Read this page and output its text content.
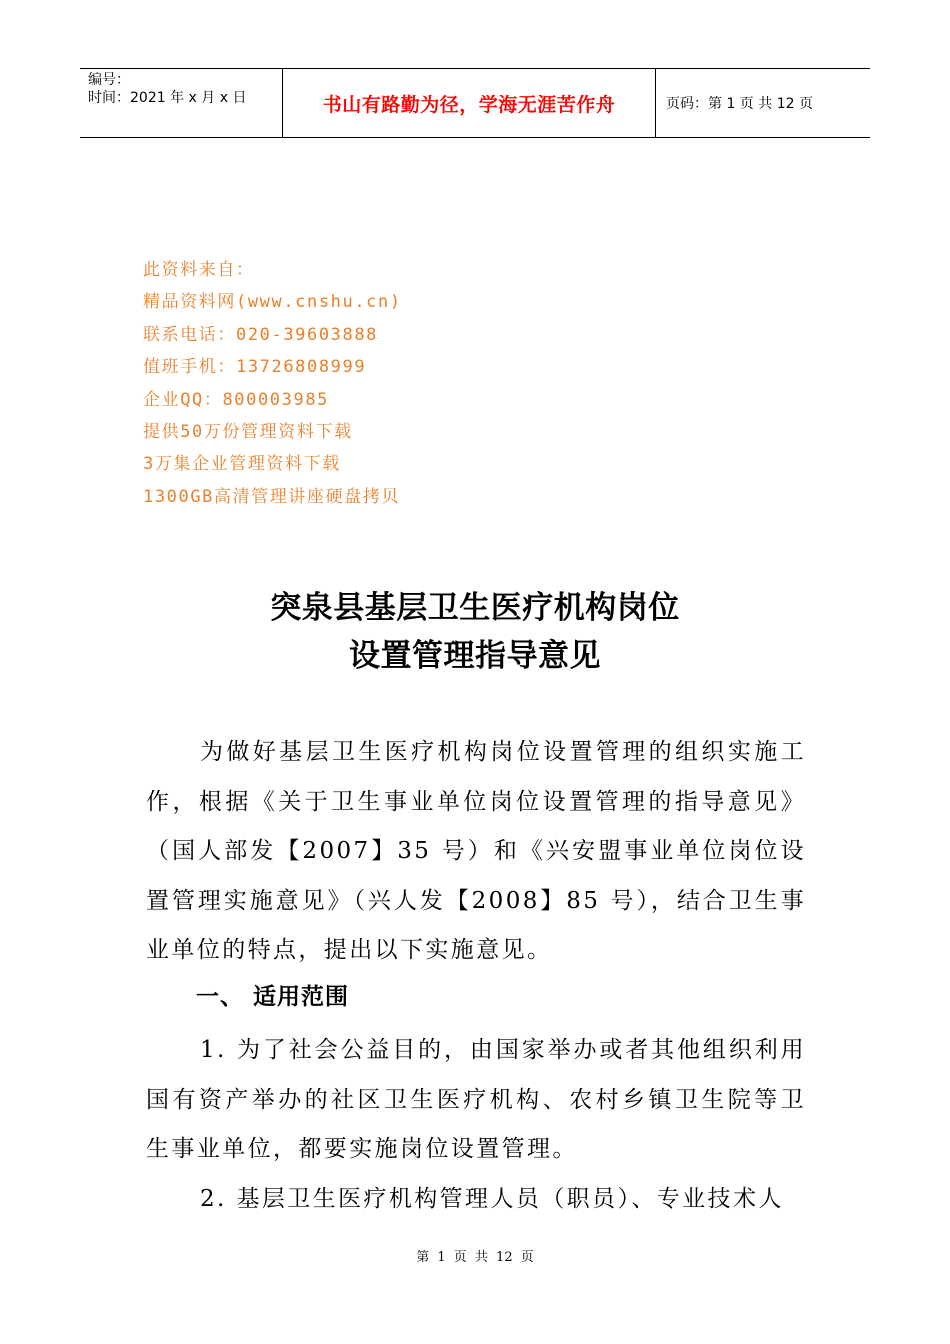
编号：
时间：2021 年 x 月 x 日	书山有路勤为径，学海无涯苦作舟	页码：第 1 页 共 12 页
此资料来自：
精品资料网(www.cnshu.cn)
联系电话：020-39603888
值班手机：13726808999
企业QQ：800003985
提供50万份管理资料下载
3万集企业管理资料下载
1300GB高清管理讲座硬盘拷贝
突泉县基层卫生医疗机构岗位
设置管理指导意见
为做好基层卫生医疗机构岗位设置管理的组织实施工作，根据《关于卫生事业单位岗位设置管理的指导意见》（国人部发【2007】35 号）和《兴安盟事业单位岗位设置管理实施意见》（兴人发【2008】85 号），结合卫生事业单位的特点，提出以下实施意见。
一、 适用范围
1. 为了社会公益目的，由国家举办或者其他组织利用国有资产举办的社区卫生医疗机构、农村乡镇卫生院等卫生事业单位，都要实施岗位设置管理。
2. 基层卫生医疗机构管理人员（职员）、专业技术人
第 1 页 共 12 页
